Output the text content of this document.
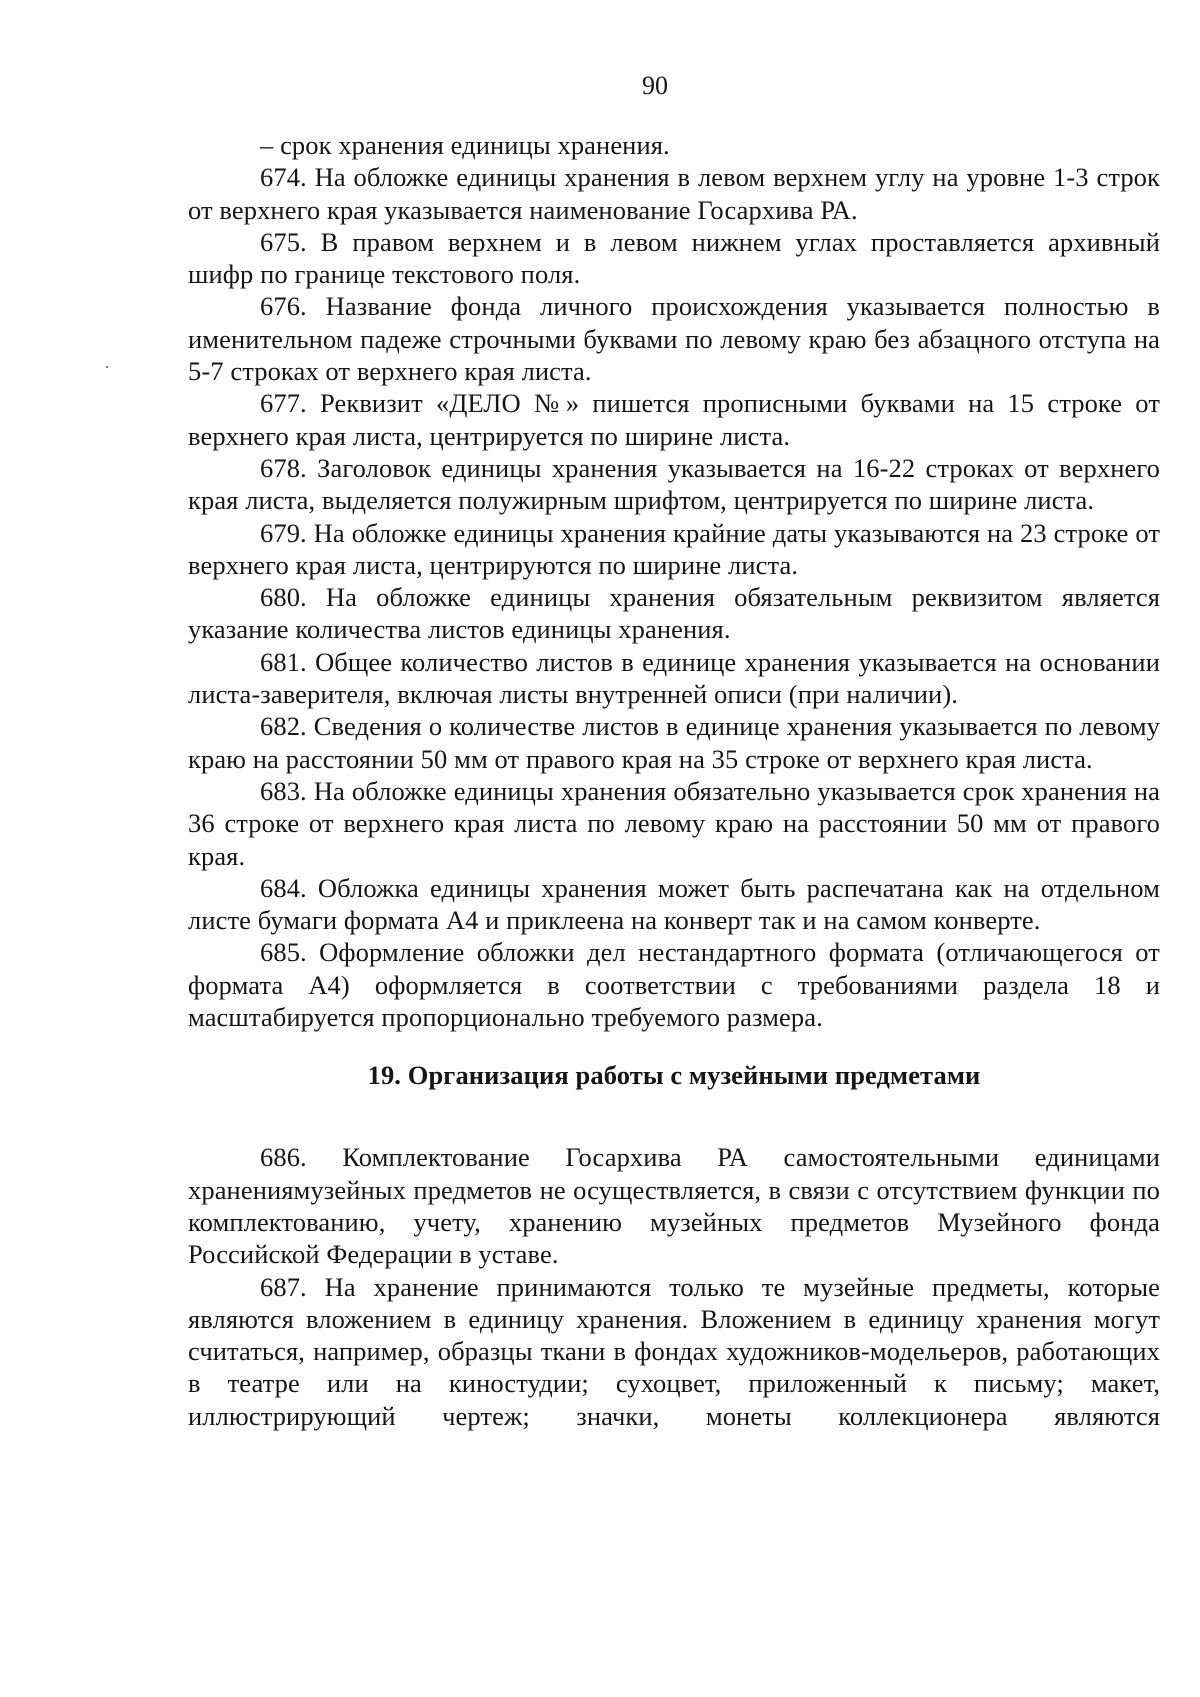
90

– срок хранения единицы хранения.

674. На обложке единицы хранения в левом верхнем углу на уровне 1-3 строк от верхнего края указывается наименование Госархива РА.

675. В правом верхнем и в левом нижнем углах проставляется архивный шифр по границе текстового поля.

676. Название фонда личного происхождения указывается полностью в именительном падеже строчными буквами по левому краю без абзацного отступа на 5-7 строках от верхнего края листа.

677. Реквизит «ДЕЛО №» пишется прописными буквами на 15 строке от верхнего края листа, центрируется по ширине листа.

678. Заголовок единицы хранения указывается на 16-22 строках от верхнего края листа, выделяется полужирным шрифтом, центрируется по ширине листа.

679. На обложке единицы хранения крайние даты указываются на 23 строке от верхнего края листа, центрируются по ширине листа.

680. На обложке единицы хранения обязательным реквизитом является указание количества листов единицы хранения.

681. Общее количество листов в единице хранения указывается на основании листа-заверителя, включая листы внутренней описи (при наличии).

682. Сведения о количестве листов в единице хранения указывается по левому краю на расстоянии 50 мм от правого края на 35 строке от верхнего края листа.

683. На обложке единицы хранения обязательно указывается срок хранения на 36 строке от верхнего края листа по левому краю на расстоянии 50 мм от правого края.

684. Обложка единицы хранения может быть распечатана как на отдельном листе бумаги формата А4 и приклеена на конверт так и на самом конверте.

685. Оформление обложки дел нестандартного формата (отличающегося от формата А4) оформляется в соответствии с требованиями раздела 18 и масштабируется пропорционально требуемого размера.

19. Организация работы с музейными предметами

686. Комплектование Госархива РА самостоятельными единицами хранениямузейных предметов не осуществляется, в связи с отсутствием функции по комплектованию, учету, хранению музейных предметов Музейного фонда Российской Федерации в уставе.

687. На хранение принимаются только те музейные предметы, которые являются вложением в единицу хранения. Вложением в единицу хранения могут считаться, например, образцы ткани в фондах художников-модельеров, работающих в театре или на киностудии; сухоцвет, приложенный к письму; макет, иллюстрирующий чертеж; значки, монеты коллекционера являются
